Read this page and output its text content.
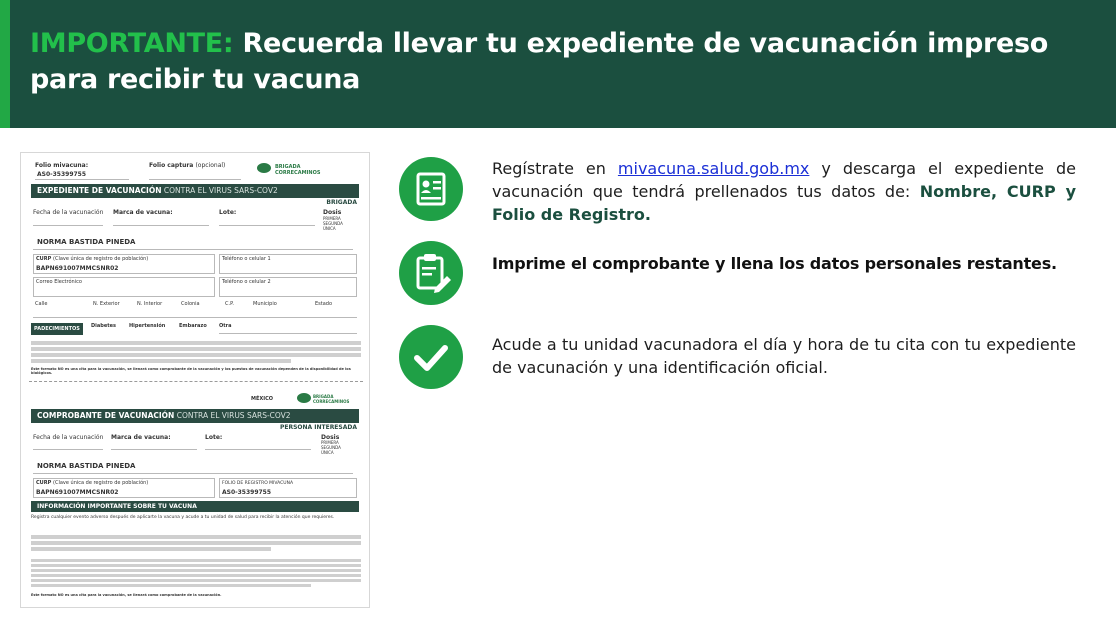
IMPORTANTE: Recuerda llevar tu expediente de vacunación impreso para recibir tu vacuna
Folio mivacuna:
AS0-35399755
Folio captura (opcional)	BRIGADA CORRECAMINOS
EXPEDIENTE DE VACUNACIÓN CONTRA EL VIRUS SARS-COV2
BRIGADA
Fecha de la vacunación Marca de vacuna:	Lote:	Dosis
PRIMERA
SEGUNDA
ÚNICA
NORMA BASTIDA PINEDA
CURP (Clave única de registro de población)
BAPN691007MMCSNR02
Teléfono o celular 1
Correo Electrónico	Teléfono o celular 2
Calle	N. Exterior	N. Interior	Colonia	C.P.	Municipio	Estado
PADECIMIENTOS Diabetes	Hipertensión	Embarazo Otra
Este formato NO es una cita para la vacunación, se llenará como comprobante de la vacunación y los puestos de vacunación dependen de la disponibilidad de los biológicos.
MÉXICO	BRIGADA CORRECAMINOS
COMPROBANTE DE VACUNACIÓN CONTRA EL VIRUS SARS-COV2
PERSONA INTERESADA
Fecha de la vacunación Marca de vacuna:	Lote:	Dosis
PRIMERA
SEGUNDA
ÚNICA
NORMA BASTIDA PINEDA
CURP (Clave única de registro de población)
BAPN691007MMCSNR02
FOLIO DE REGISTRO MIVACUNA
AS0-35399755
INFORMACIÓN IMPORTANTE SOBRE TU VACUNA
Registra cualquier evento adverso después de aplicarte la vacuna y acude a tu unidad de salud para recibir la atención que requieres.
Este formato NO es una cita para la vacunación, se llenará como comprobante de la vacunación.
Regístrate en mivacuna.salud.gob.mx y descarga el expediente de vacunación que tendrá prellenados tus datos de: Nombre, CURP y Folio de Registro.
Imprime el comprobante y llena los datos personales restantes.
Acude a tu unidad vacunadora el día y hora de tu cita con tu expediente de vacunación y una identificación oficial.
